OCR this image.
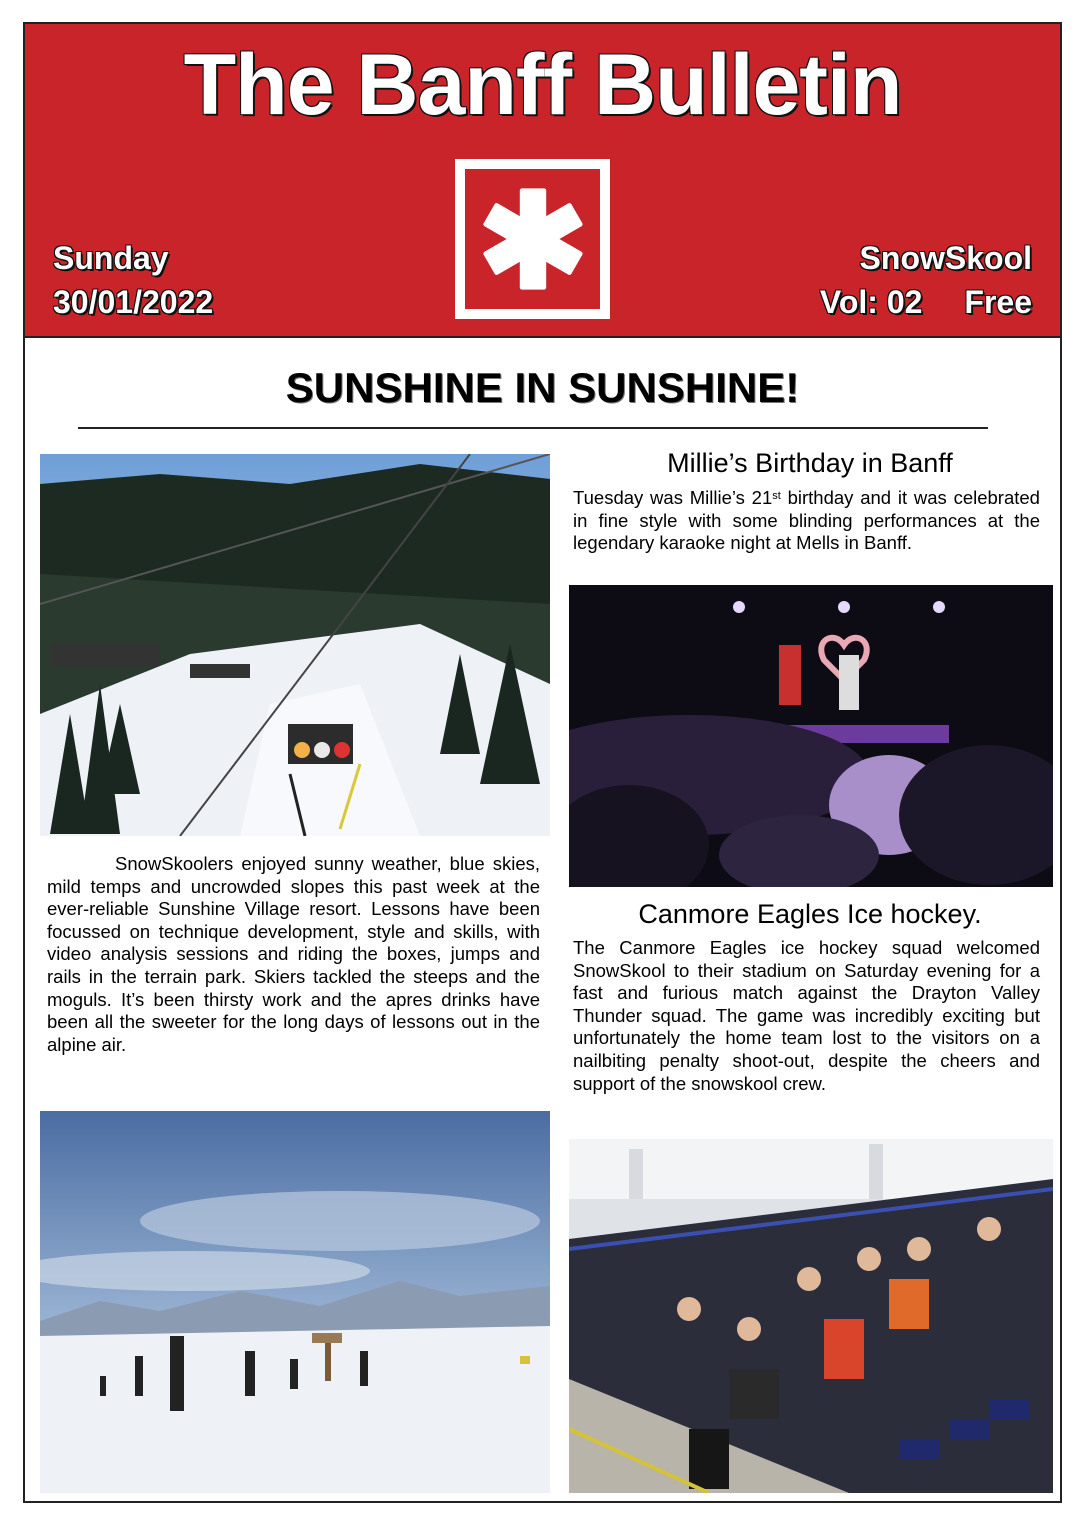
The Banff Bulletin
Sunday
30/01/2022
SnowSkool
Vol: 02 Free
SUNSHINE IN SUNSHINE!
SnowSkoolers enjoyed sunny weather, blue skies, mild temps and uncrowded slopes this past week at the ever-reliable Sunshine Village resort. Lessons have been focussed on technique development, style and skills, with video analysis sessions and riding the boxes, jumps and rails in the terrain park. Skiers tackled the steeps and the moguls. It’s been thirsty work and the apres drinks have been all the sweeter for the long days of lessons out in the alpine air.
Millie’s Birthday in Banff
Tuesday was Millie’s 21st birthday and it was celebrated in fine style with some blinding performances at the legendary karaoke night at Mells in Banff.
Canmore Eagles Ice hockey.
The Canmore Eagles ice hockey squad welcomed SnowSkool to their stadium on Saturday evening for a fast and furious match against the Drayton Valley Thunder squad. The game was incredibly exciting but unfortunately the home team lost to the visitors on a nailbiting penalty shoot-out, despite the cheers and support of the snowskool crew.
